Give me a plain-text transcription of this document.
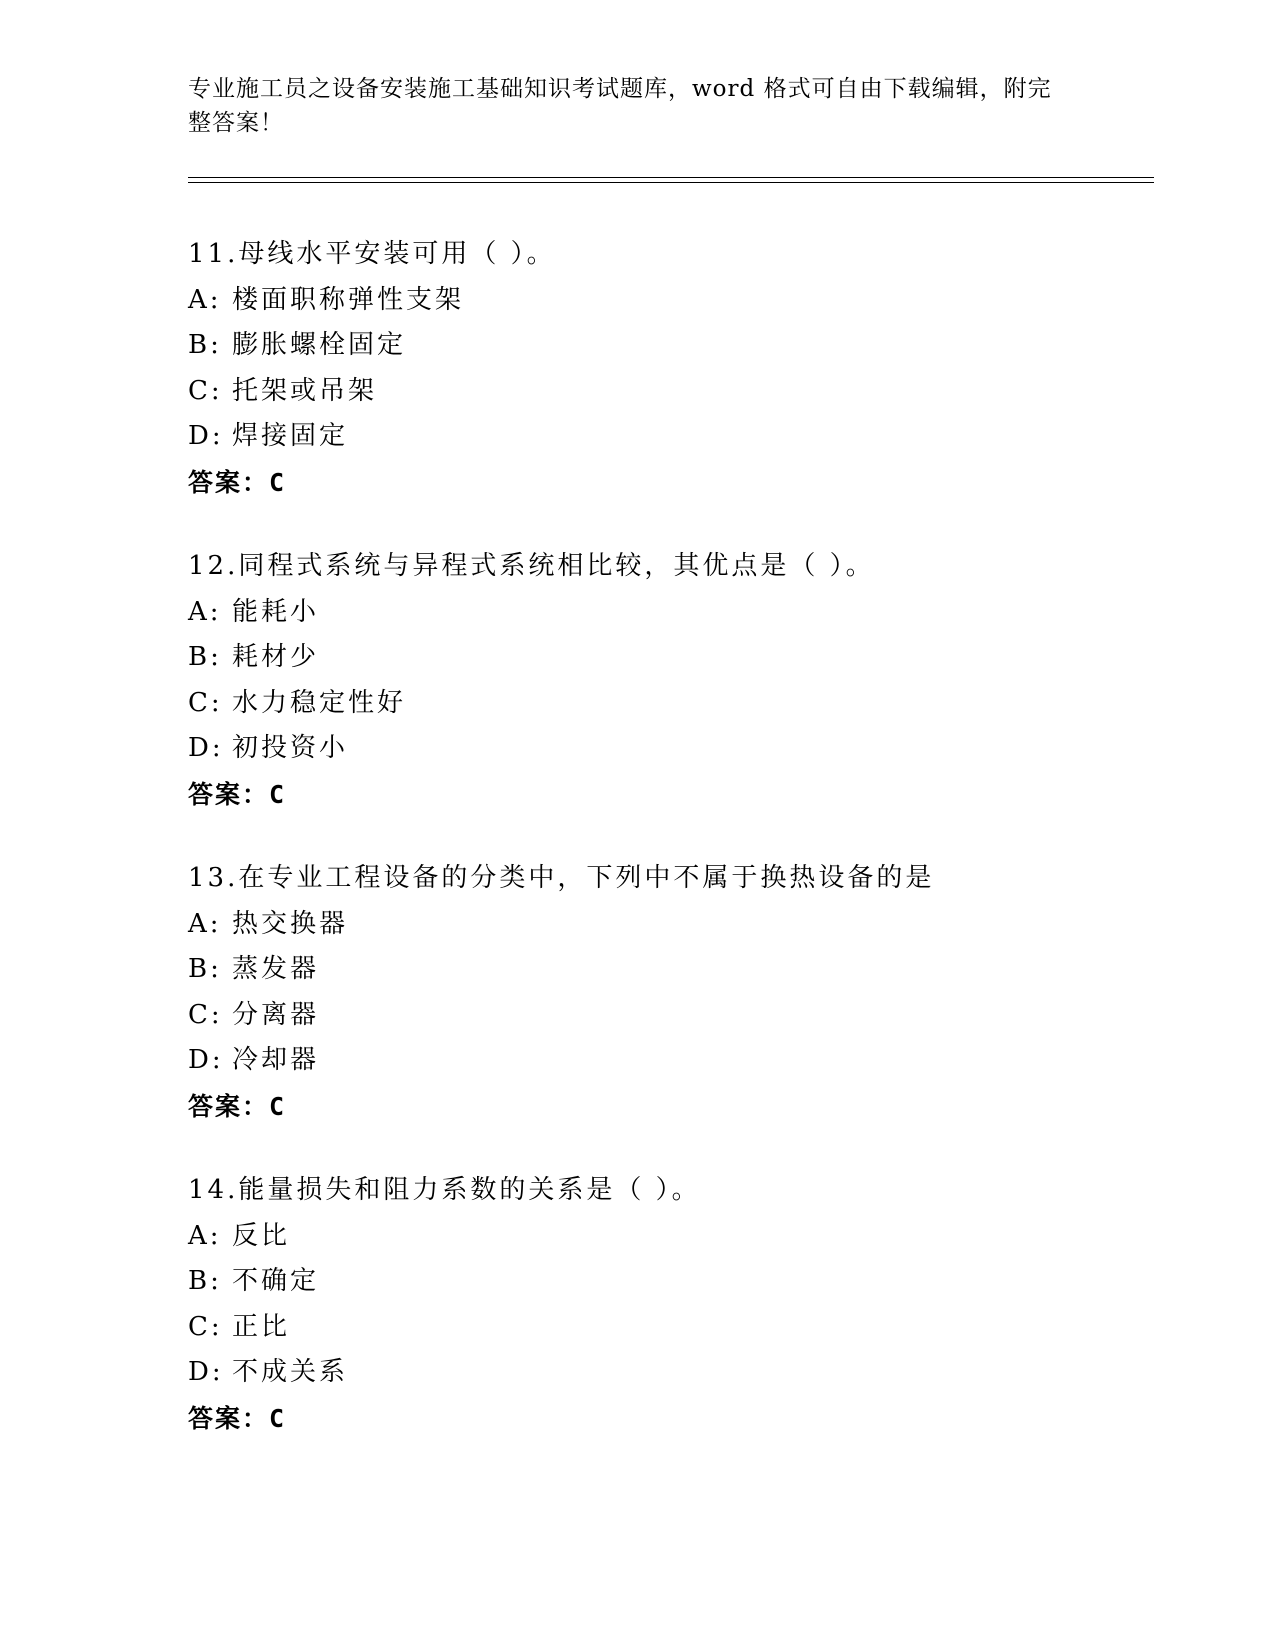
专业施工员之设备安装施工基础知识考试题库，word 格式可自由下载编辑，附完整答案！
11.母线水平安装可用（ ）。
A: 楼面职称弹性支架
B: 膨胀螺栓固定
C: 托架或吊架
D: 焊接固定
答案：C
12.同程式系统与异程式系统相比较，其优点是（ ）。
A: 能耗小
B: 耗材少
C: 水力稳定性好
D: 初投资小
答案：C
13.在专业工程设备的分类中，下列中不属于换热设备的是
A: 热交换器
B: 蒸发器
C: 分离器
D: 冷却器
答案：C
14.能量损失和阻力系数的关系是（ ）。
A: 反比
B: 不确定
C: 正比
D: 不成关系
答案：C
